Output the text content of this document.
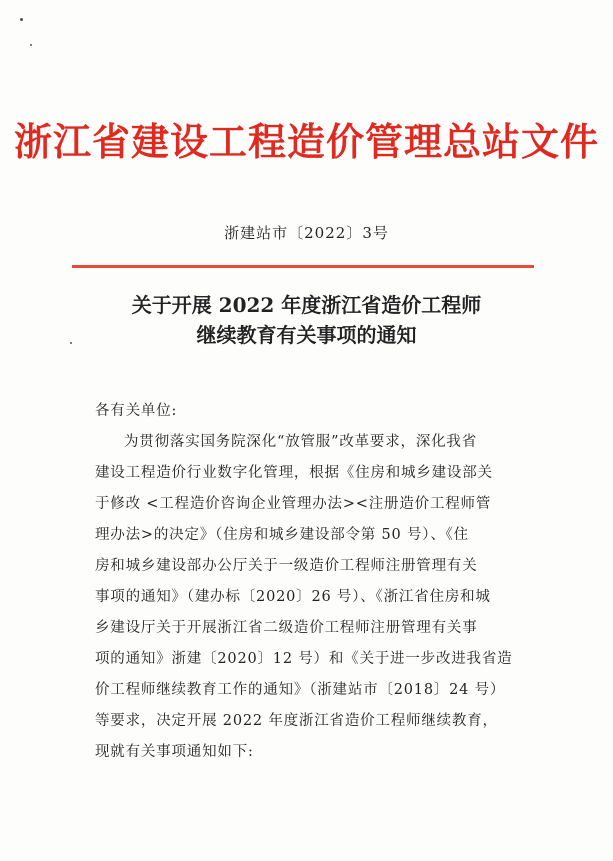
浙江省建设工程造价管理总站文件
浙建站市〔2022〕3号
关于开展 2022 年度浙江省造价工程师
继续教育有关事项的通知

各有关单位:

为贯彻落实国务院深化“放管服”改革要求，深化我省

建设工程造价行业数字化管理，根据《住房和城乡建设部关

于修改 <工程造价咨询企业管理办法><注册造价工程师管

理办法>的决定》（住房和城乡建设部令第 50 号）、《住

房和城乡建设部办公厅关于一级造价工程师注册管理有关

事项的通知》（建办标〔2020〕26 号）、《浙江省住房和城

乡建设厅关于开展浙江省二级造价工程师注册管理有关事

项的通知》浙建〔2020〕12 号）和《关于进一步改进我省造

价工程师继续教育工作的通知》（浙建站市〔2018〕24 号）

等要求，决定开展 2022 年度浙江省造价工程师继续教育，

现就有关事项通知如下:
